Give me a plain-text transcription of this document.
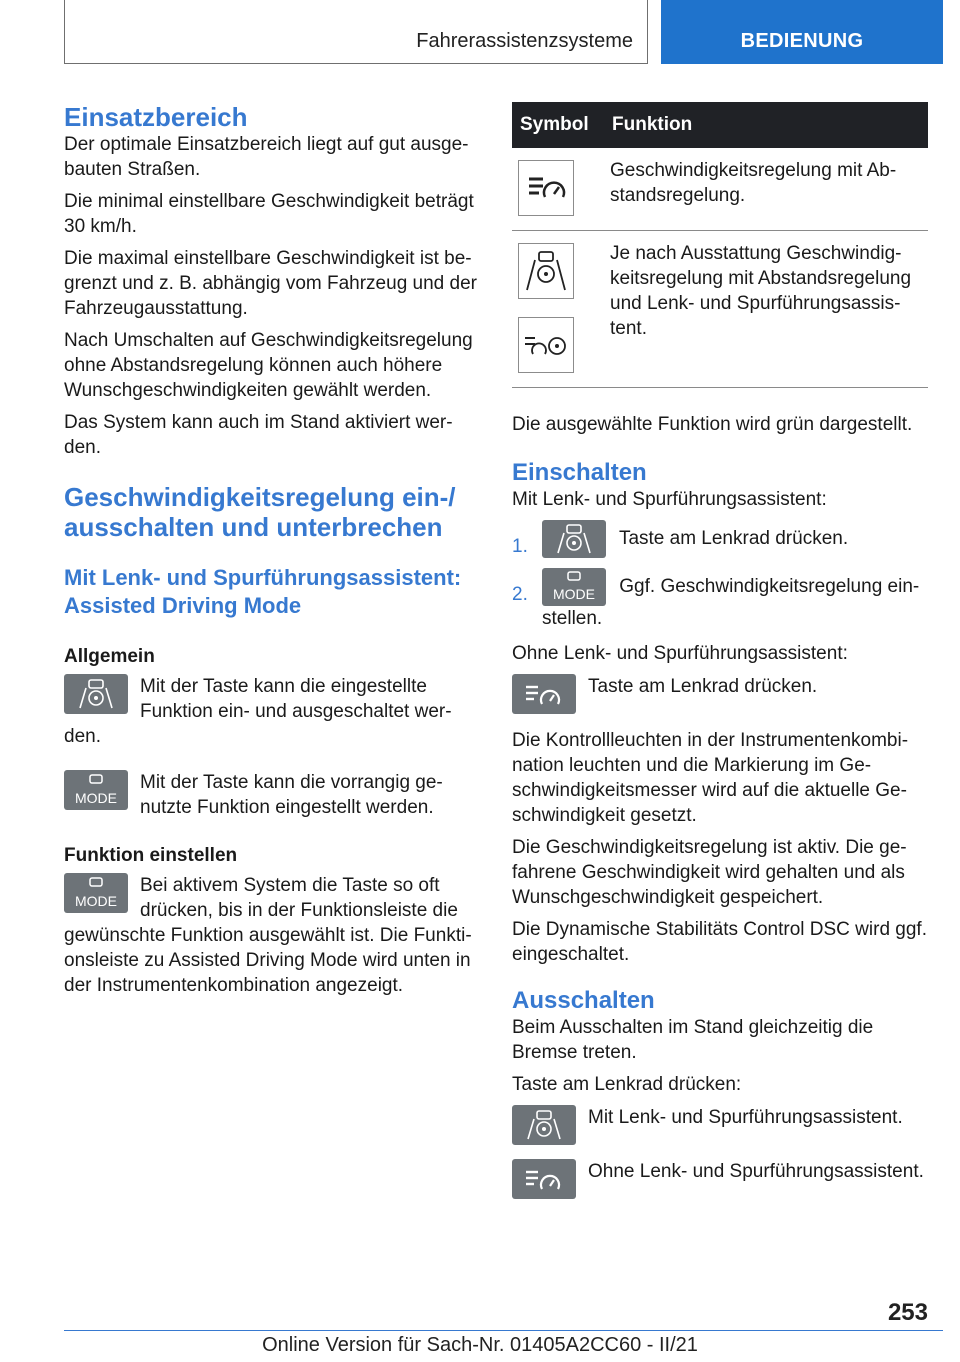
Fahrerassistenzsysteme	BEDIENUNG
Einsatzbereich

Der optimale Einsatzbereich liegt auf gut ausge-bauten Straßen.

Die minimal einstellbare Geschwindigkeit beträgt 30 km/h.

Die maximal einstellbare Geschwindigkeit ist be-grenzt und z. B. abhängig vom Fahrzeug und der Fahrzeugausstattung.

Nach Umschalten auf Geschwindigkeitsregelung ohne Abstandsregelung können auch höhere Wunschgeschwindigkeiten gewählt werden.

Das System kann auch im Stand aktiviert wer-den.

Geschwindigkeitsregelung ein-/ ausschalten und unterbrechen
Mit Lenk- und Spurführungsassistent: Assisted Driving Mode
Allgemein

Mit der Taste kann die eingestellte Funktion ein- und ausgeschaltet wer-den.

MODE

Mit der Taste kann die vorrangig ge-nutzte Funktion eingestellt werden.

Funktion einstellen
MODE

Bei aktivem System die Taste so oft drücken, bis in der Funktionsleiste die gewünschte Funktion ausgewählt ist. Die Funkti-onsleiste zu Assisted Driving Mode wird unten in der Instrumentenkombination angezeigt.

Symbol	Funktion

	Geschwindigkeitsregelung mit Ab-standsregelung.

	Je nach Ausstattung Geschwindig-keitsregelung mit Abstandsregelung und Lenk- und Spurführungsassis-tent.

Die ausgewählte Funktion wird grün dargestellt.

Einschalten

Mit Lenk- und Spurführungsassistent:

1.	Taste am Lenkrad drücken.
2. MODE Ggf. Geschwindigkeitsregelung ein-stellen.

Ohne Lenk- und Spurführungsassistent:

Taste am Lenkrad drücken.

Die Kontrollleuchten in der Instrumentenkombi-nation leuchten und die Markierung im Ge-schwindigkeitsmesser wird auf die aktuelle Ge-schwindigkeit gesetzt.

Die Geschwindigkeitsregelung ist aktiv. Die ge-fahrene Geschwindigkeit wird gehalten und als Wunschgeschwindigkeit gespeichert.

Die Dynamische Stabilitäts Control DSC wird ggf. eingeschaltet.

Ausschalten

Beim Ausschalten im Stand gleichzeitig die Bremse treten.

Taste am Lenkrad drücken:

Mit Lenk- und Spurführungsassistent.
Ohne Lenk- und Spurführungsassistent.
253
Online Version für Sach-Nr. 01405A2CC60 - II/21
